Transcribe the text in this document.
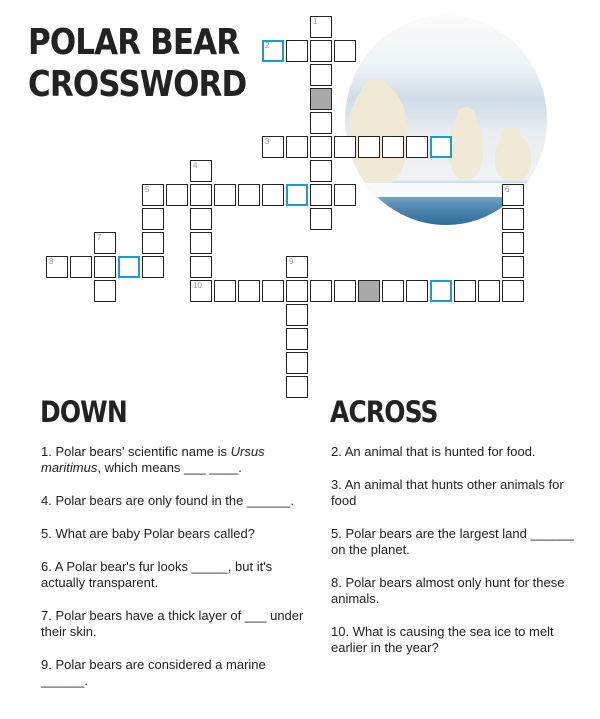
POLAR BEAR
CROSSWORD
1
2
3
4
5	6
7
8	9
10
DOWN
1. Polar bears' scientific name is Ursus maritimus, which means ___ ____.
4. Polar bears are only found in the ______.
5. What are baby Polar bears called?
6. A Polar bear's fur looks _____, but it's actually transparent.
7. Polar bears have a thick layer of ___ under their skin.
9. Polar bears are considered a marine ______.
ACROSS
2. An animal that is hunted for food.
3. An animal that hunts other animals for food
5. Polar bears are the largest land ______ on the planet.
8. Polar bears almost only hunt for these animals.
10. What is causing the sea ice to melt earlier in the year?
